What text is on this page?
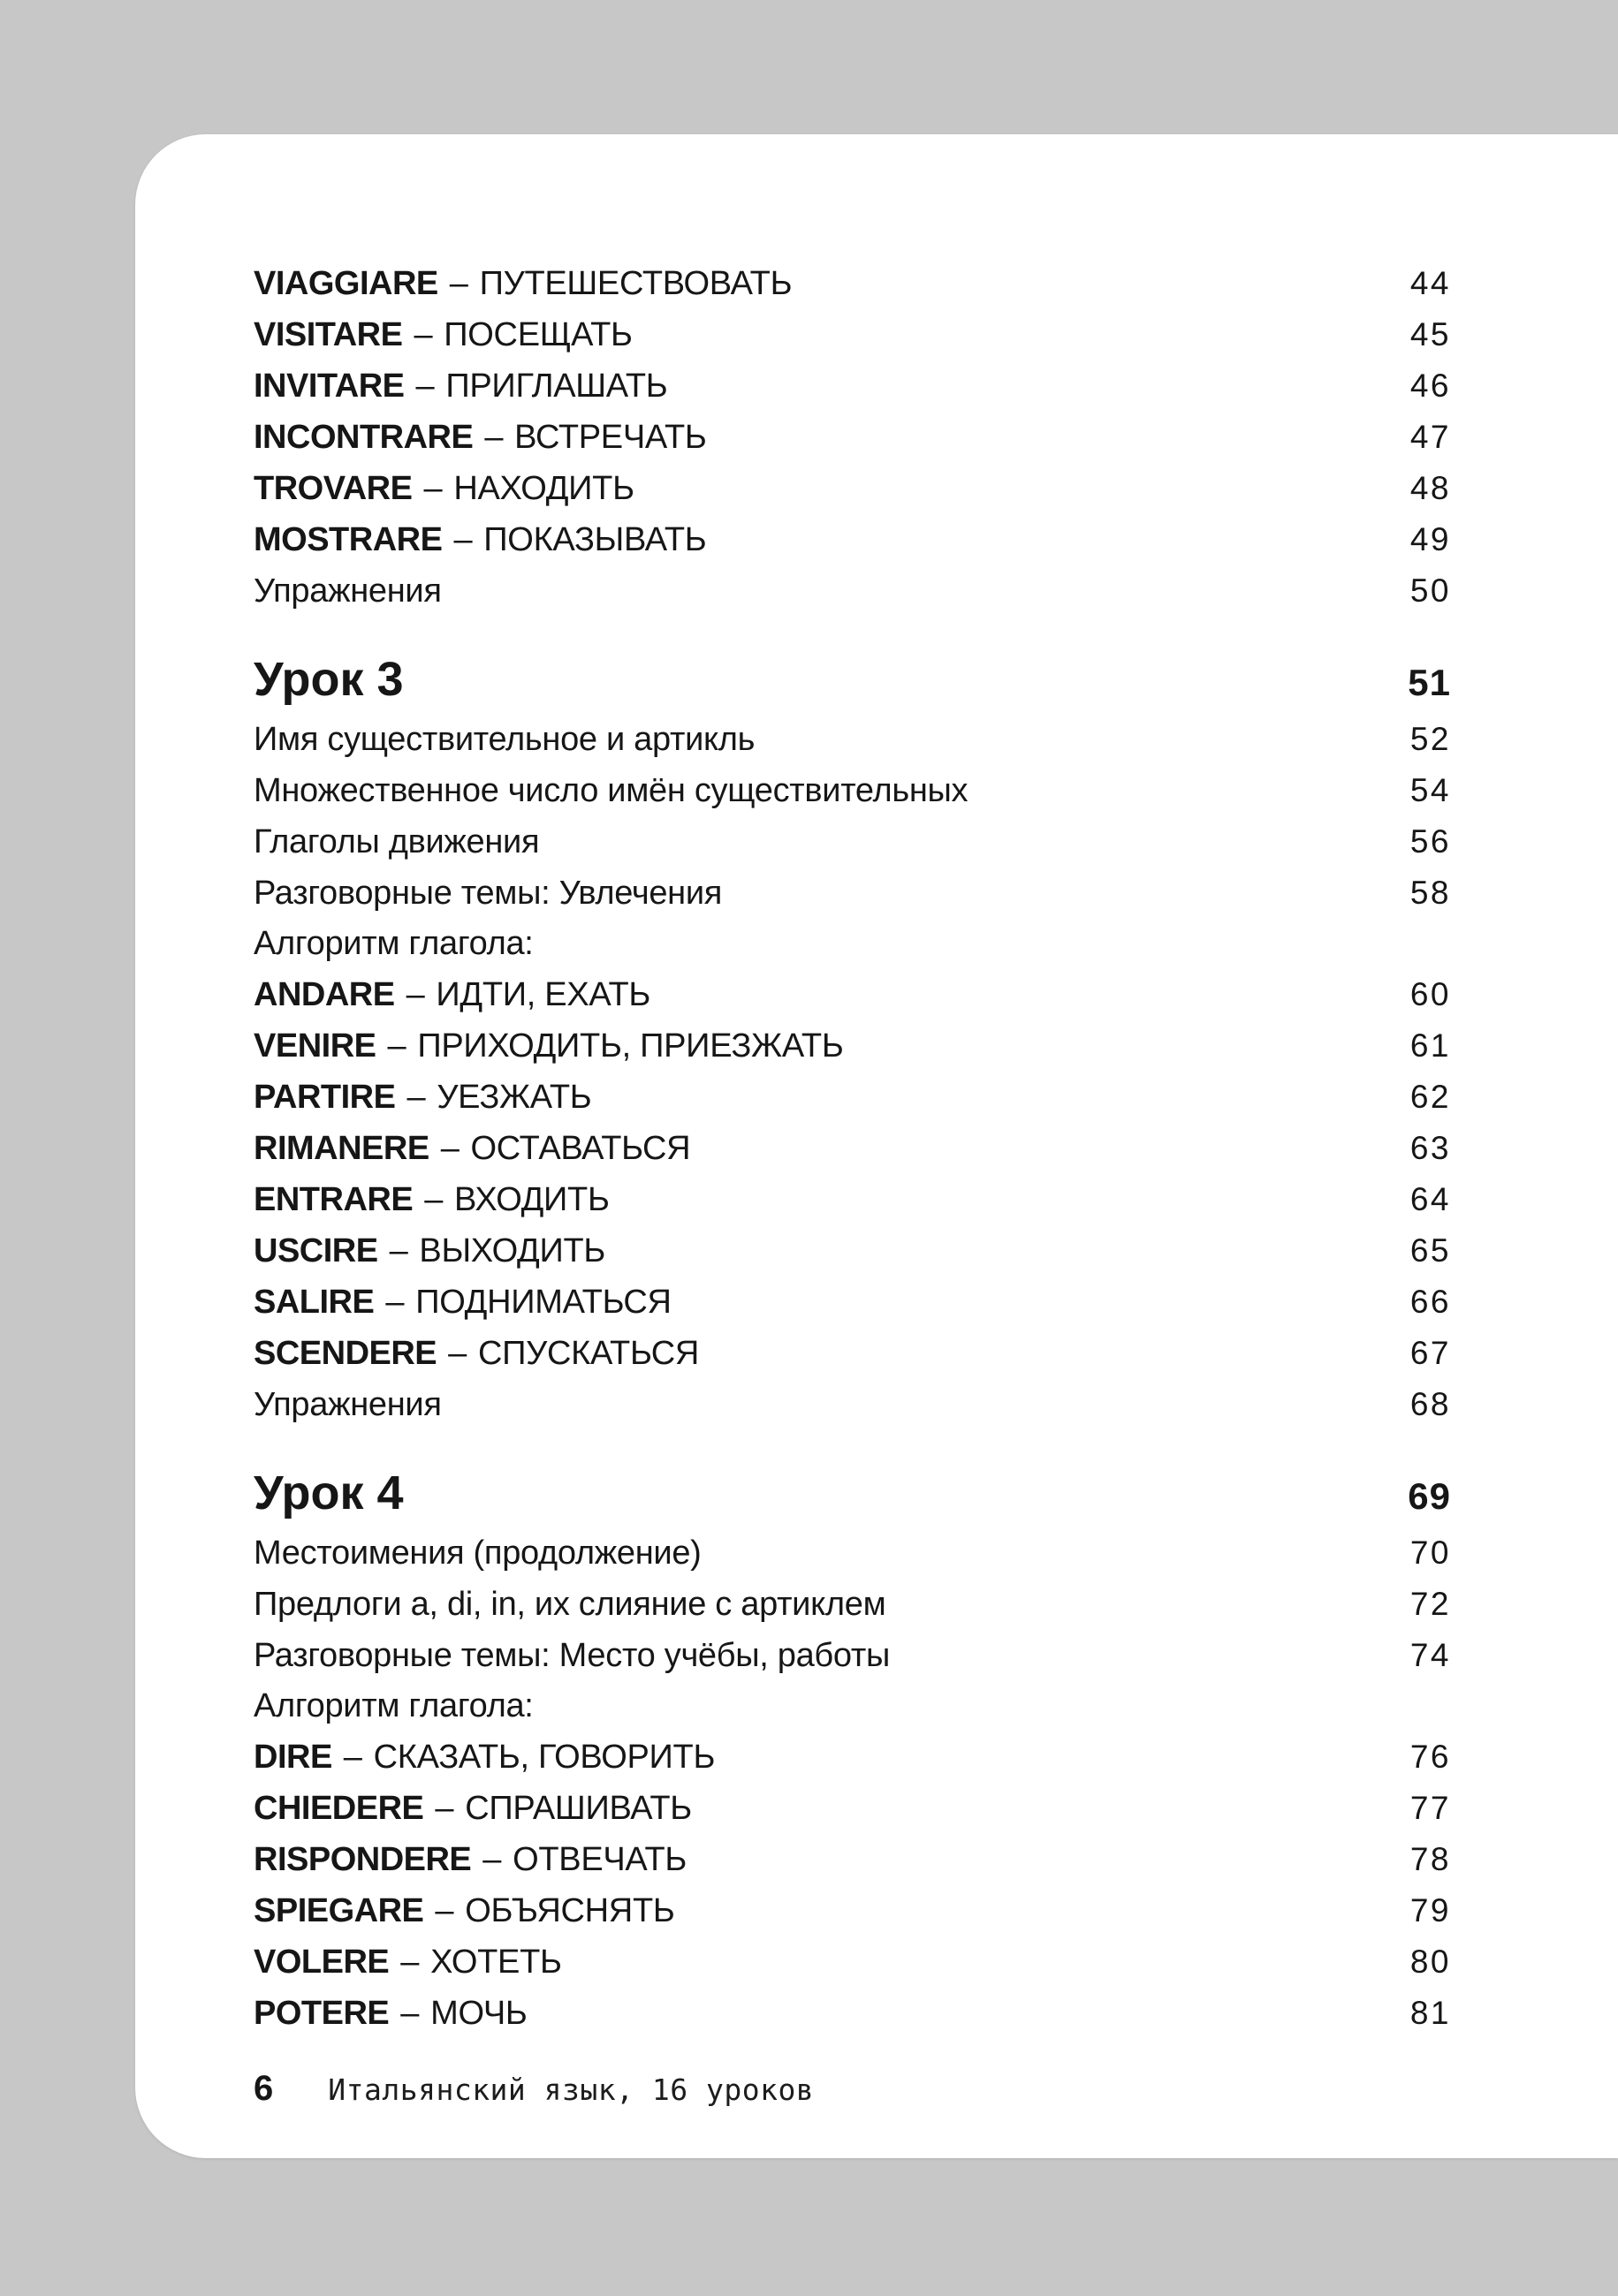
VIAGGIARE – ПУТЕШЕСТВОВАТЬ	44
VISITARE – ПОСЕЩАТЬ	45
INVITARE – ПРИГЛАШАТЬ	46
INCONTRARE – ВСТРЕЧАТЬ	47
TROVARE – НАХОДИТЬ	48
MOSTRARE – ПОКАЗЫВАТЬ	49
Упражнения	50
Урок 3	51
Имя существительное и артикль	52
Множественное число имён существительных	54
Глаголы движения	56
Разговорные темы: Увлечения	58
Алгоритм глагола:
ANDARE – ИДТИ, ЕХАТЬ	60
VENIRE – ПРИХОДИТЬ, ПРИЕЗЖАТЬ	61
PARTIRE – УЕЗЖАТЬ	62
RIMANERE – ОСТАВАТЬСЯ	63
ENTRARE – ВХОДИТЬ	64
USCIRE – ВЫХОДИТЬ	65
SALIRE – ПОДНИМАТЬСЯ	66
SCENDERE – СПУСКАТЬСЯ	67
Упражнения	68
Урок 4	69
Местоимения (продолжение)	70
Предлоги a, di, in, их слияние с артиклем	72
Разговорные темы: Место учёбы, работы	74
Алгоритм глагола:
DIRE – СКАЗАТЬ, ГОВОРИТЬ	76
CHIEDERE – СПРАШИВАТЬ	77
RISPONDERE – ОТВЕЧАТЬ	78
SPIEGARE – ОБЪЯСНЯТЬ	79
VOLERE – ХОТЕТЬ	80
POTERE – МОЧЬ	81
6 Итальянский язык, 16 уроков
